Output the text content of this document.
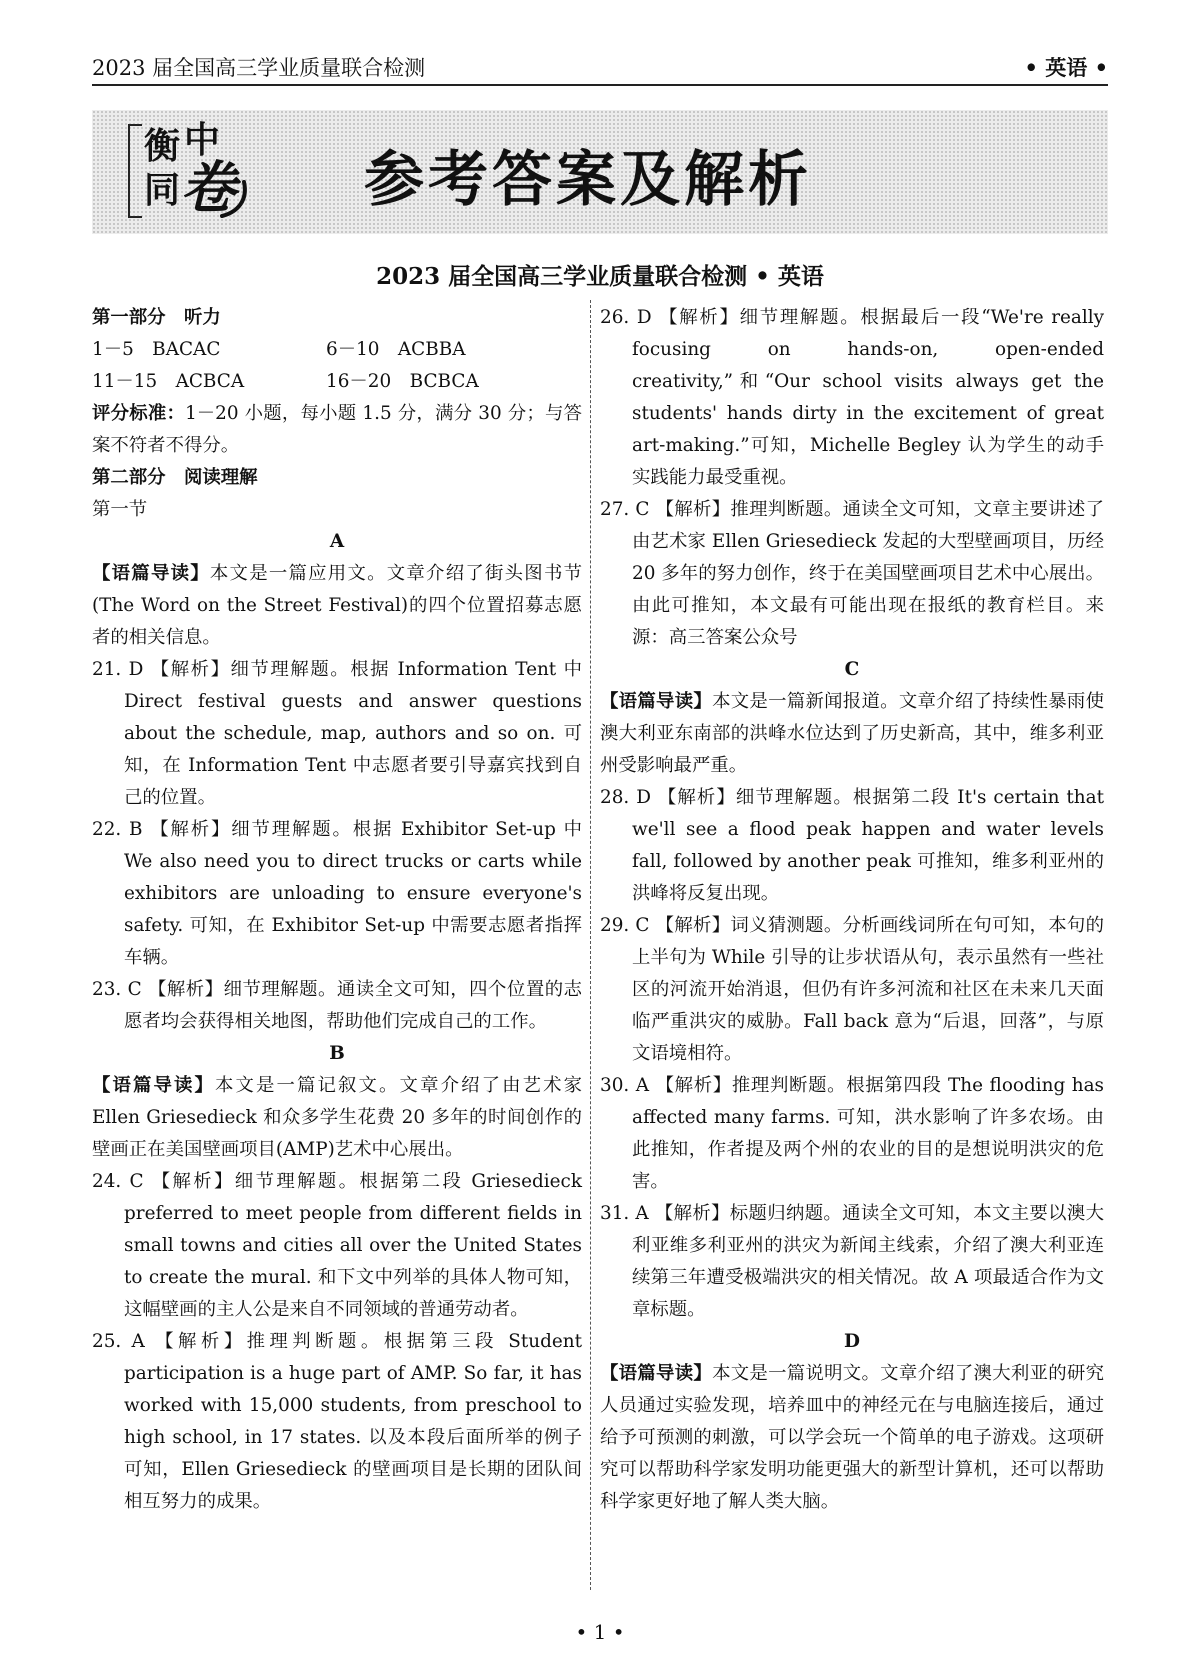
2023 届全国高三学业质量联合检测	• 英语 •
衡 中
同 卷 参考答案及解析
2023 届全国高三学业质量联合检测 • 英语
第一部分　听力
1－5　BACAC	6－10　ACBBA
11－15　ACBCA	16－20　BCBCA
评分标准：1－20 小题，每小题 1.5 分，满分 30 分；与答案不符者不得分。
第二部分　阅读理解
第一节
A
【语篇导读】本文是一篇应用文。文章介绍了街头图书节(The Word on the Street Festival)的四个位置招募志愿者的相关信息。
21. D 【解析】细节理解题。根据 Information Tent 中 Direct festival guests and answer questions about the schedule, map, authors and so on. 可知，在 Information Tent 中志愿者要引导嘉宾找到自己的位置。
22. B 【解析】细节理解题。根据 Exhibitor Set-up 中 We also need you to direct trucks or carts while exhibitors are unloading to ensure everyone's safety. 可知，在 Exhibitor Set-up 中需要志愿者指挥车辆。
23. C 【解析】细节理解题。通读全文可知，四个位置的志愿者均会获得相关地图，帮助他们完成自己的工作。
B
【语篇导读】本文是一篇记叙文。文章介绍了由艺术家 Ellen Griesedieck 和众多学生花费 20 多年的时间创作的壁画正在美国壁画项目(AMP)艺术中心展出。
24. C 【解析】细节理解题。根据第二段 Griesedieck preferred to meet people from different fields in small towns and cities all over the United States to create the mural. 和下文中列举的具体人物可知，这幅壁画的主人公是来自不同领域的普通劳动者。
25. A 【解析】推理判断题。根据第三段 Student participation is a huge part of AMP. So far, it has worked with 15,000 students, from preschool to high school, in 17 states. 以及本段后面所举的例子可知，Ellen Griesedieck 的壁画项目是长期的团队间相互努力的成果。
26. D 【解析】细节理解题。根据最后一段“We're really focusing on hands-on, open-ended creativity,”和“Our school visits always get the students' hands dirty in the excitement of great art-making.”可知，Michelle Begley 认为学生的动手实践能力最受重视。
27. C 【解析】推理判断题。通读全文可知，文章主要讲述了由艺术家 Ellen Griesedieck 发起的大型壁画项目，历经 20 多年的努力创作，终于在美国壁画项目艺术中心展出。由此可推知，本文最有可能出现在报纸的教育栏目。来源：高三答案公众号
C
【语篇导读】本文是一篇新闻报道。文章介绍了持续性暴雨使澳大利亚东南部的洪峰水位达到了历史新高，其中，维多利亚州受影响最严重。
28. D 【解析】细节理解题。根据第二段 It's certain that we'll see a flood peak happen and water levels fall, followed by another peak 可推知，维多利亚州的洪峰将反复出现。
29. C 【解析】词义猜测题。分析画线词所在句可知，本句的上半句为 While 引导的让步状语从句，表示虽然有一些社区的河流开始消退，但仍有许多河流和社区在未来几天面临严重洪灾的威胁。Fall back 意为“后退，回落”，与原文语境相符。
30. A 【解析】推理判断题。根据第四段 The flooding has affected many farms. 可知，洪水影响了许多农场。由此推知，作者提及两个州的农业的目的是想说明洪灾的危害。
31. A 【解析】标题归纳题。通读全文可知，本文主要以澳大利亚维多利亚州的洪灾为新闻主线索，介绍了澳大利亚连续第三年遭受极端洪灾的相关情况。故 A 项最适合作为文章标题。
D
【语篇导读】本文是一篇说明文。文章介绍了澳大利亚的研究人员通过实验发现，培养皿中的神经元在与电脑连接后，通过给予可预测的刺激，可以学会玩一个简单的电子游戏。这项研究可以帮助科学家发明功能更强大的新型计算机，还可以帮助科学家更好地了解人类大脑。
• 1 •
